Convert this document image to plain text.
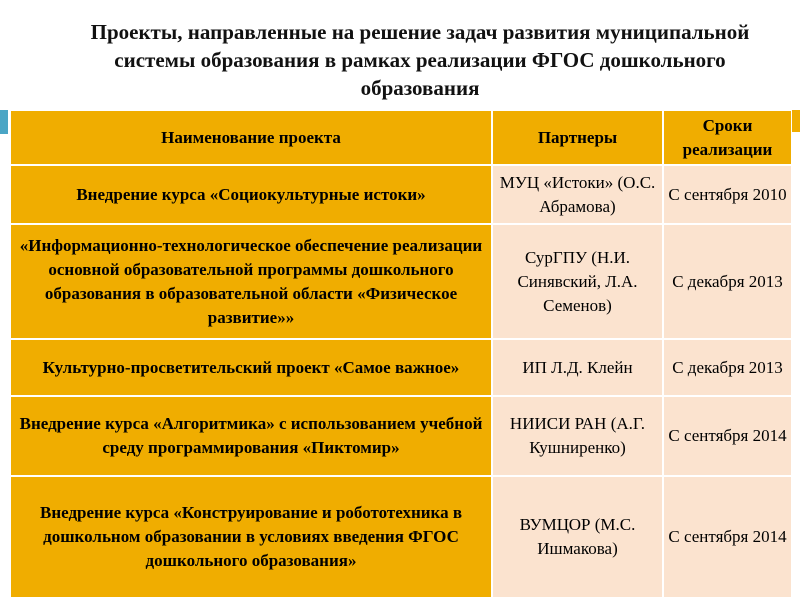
Проекты, направленные на решение задач развития муниципальной системы образования в рамках реализации ФГОС дошкольного образования
Наименование проекта	Партнеры	Сроки реализации
Внедрение курса «Социокультурные истоки»	МУЦ «Истоки» (О.С. Абрамова)	С сентября 2010
«Информационно-технологическое обеспечение реализации основной образовательной программы дошкольного образования в образовательной области «Физическое развитие»»	СурГПУ (Н.И. Синявский, Л.А. Семенов)	С декабря 2013
Культурно-просветительский проект «Самое важное»	ИП Л.Д. Клейн	С декабря 2013
Внедрение курса «Алгоритмика» с использованием учебной среду программирования «Пиктомир»	НИИСИ РАН (А.Г. Кушниренко)	С сентября 2014
Внедрение курса «Конструирование и робототехника в дошкольном образовании в условиях введения ФГОС дошкольного образования»	ВУМЦОР (М.С. Ишмакова)	С сентября 2014
